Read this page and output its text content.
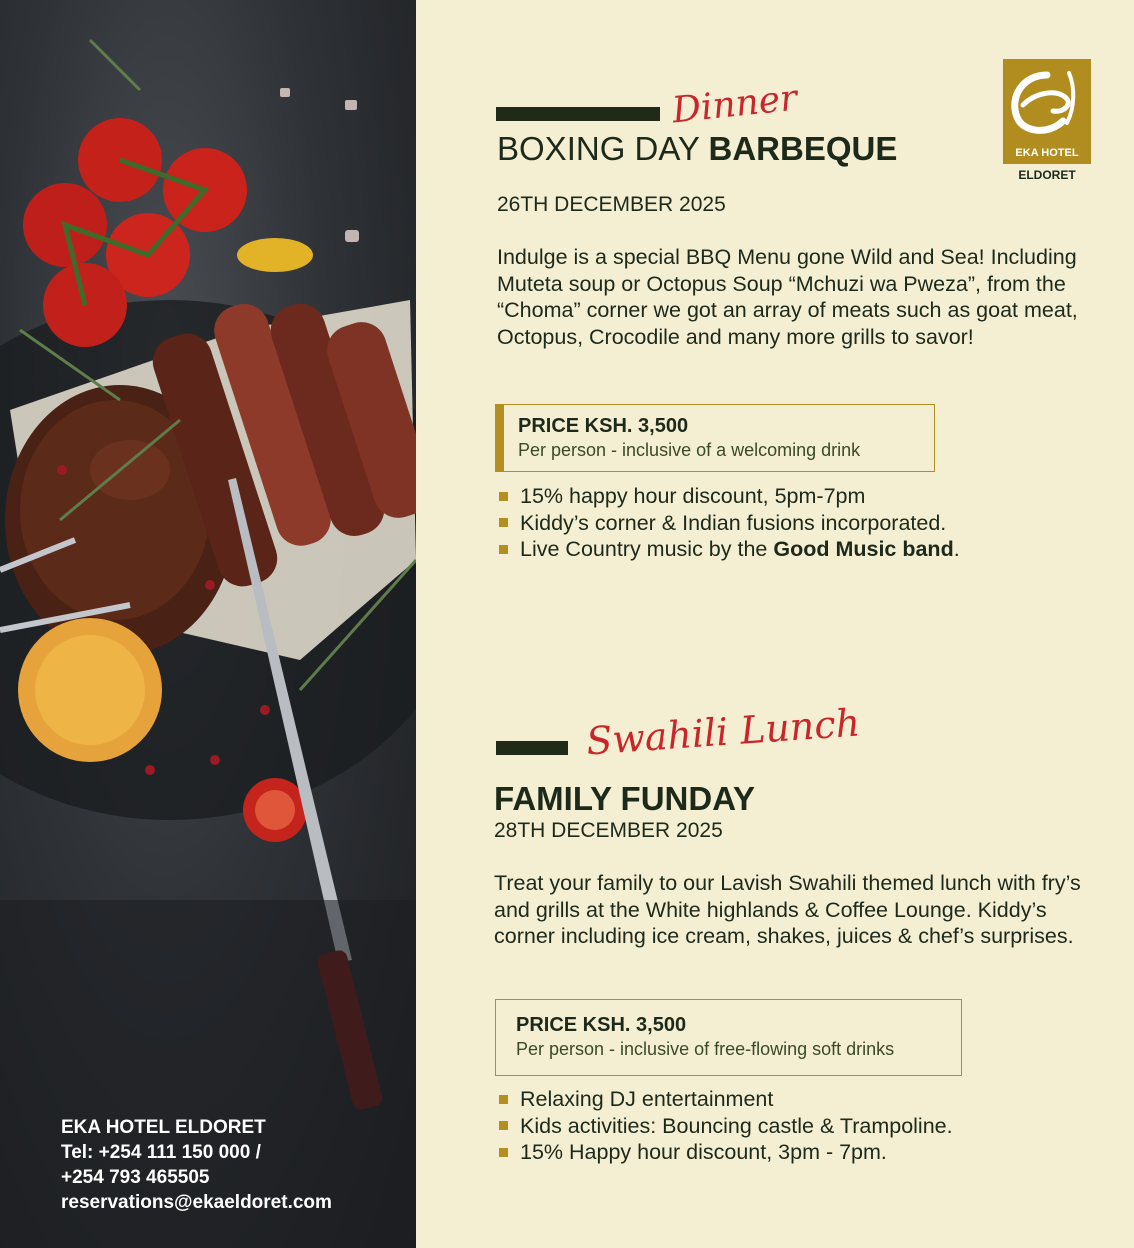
EKA HOTEL ELDORET
Tel: +254 111 150 000 /
+254 793 465505
reservations@ekaeldoret.com
EKA HOTEL
ELDORET
Dinner
BOXING DAY BARBEQUE
26TH DECEMBER 2025
Indulge is a special BBQ Menu gone Wild and Sea! Including Muteta soup or Octopus Soup “Mchuzi wa Pweza”, from the “Choma” corner we got an array of meats such as goat meat, Octopus, Crocodile and many more grills to savor!
PRICE KSH. 3,500
Per person - inclusive of a welcoming drink
15% happy hour discount, 5pm-7pm
Kiddy’s corner & Indian fusions incorporated.
Live Country music by the Good Music band.
Swahili Lunch
FAMILY FUNDAY
28TH DECEMBER 2025
Treat your family to our Lavish Swahili themed lunch with fry’s and grills at the White highlands & Coffee Lounge. Kiddy’s corner including ice cream, shakes, juices & chef’s surprises.
PRICE KSH. 3,500
Per person - inclusive of free-flowing soft drinks
Relaxing DJ entertainment
Kids activities: Bouncing castle & Trampoline.
15% Happy hour discount, 3pm - 7pm.
